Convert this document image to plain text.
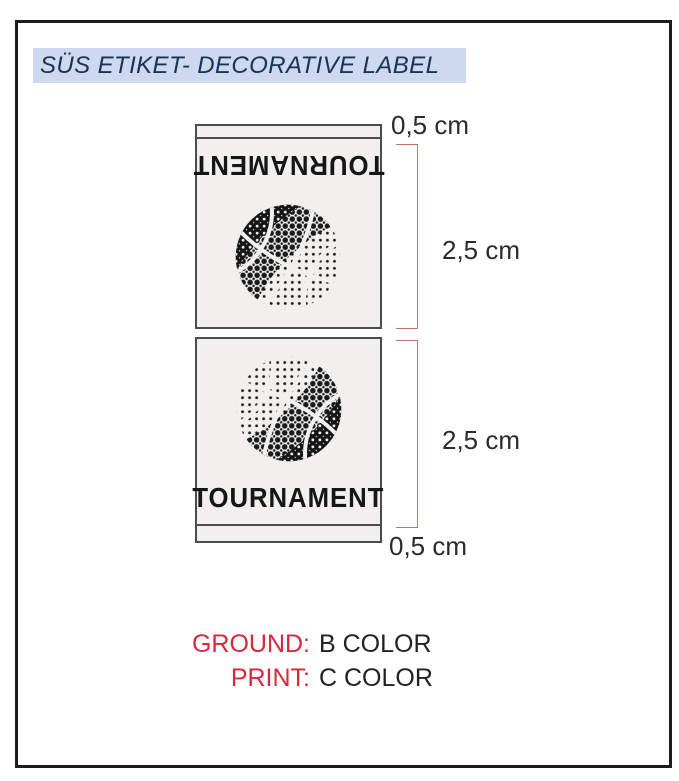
SÜS ETIKET- DECORATIVE LABEL
TOURNAMENT
TOURNAMENT
0,5 cm
2,5 cm
2,5 cm
0,5 cm
GROUND: B COLOR
PRINT: C COLOR
